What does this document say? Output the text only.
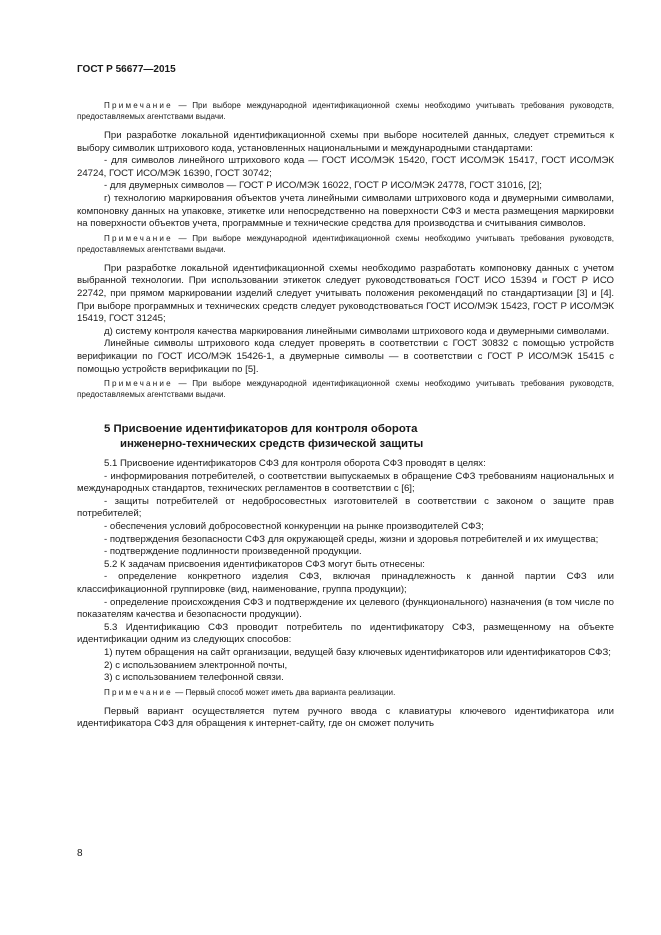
ГОСТ Р 56677—2015

Примечание — При выборе международной идентификационной схемы необходимо учитывать требования руководств, предоставляемых агентствами выдачи.

При разработке локальной идентификационной схемы при выборе носителей данных, следует стремиться к выбору символик штрихового кода, установленных национальными и международными стандартами:

- для символов линейного штрихового кода — ГОСТ ИСО/МЭК 15420, ГОСТ ИСО/МЭК 15417, ГОСТ ИСО/МЭК 24724, ГОСТ ИСО/МЭК 16390, ГОСТ 30742;

- для двумерных символов — ГОСТ Р ИСО/МЭК 16022, ГОСТ Р ИСО/МЭК 24778, ГОСТ 31016, [2];

г) технологию маркирования объектов учета линейными символами штрихового кода и двумерными символами, компоновку данных на упаковке, этикетке или непосредственно на поверхности СФЗ и места размещения маркировки на поверхности объектов учета, программные и технические средства для производства и считывания символов.

Примечание — При выборе международной идентификационной схемы необходимо учитывать требования руководств, предоставляемых агентствами выдачи.

При разработке локальной идентификационной схемы необходимо разработать компоновку данных с учетом выбранной технологии. При использовании этикеток следует руководствоваться ГОСТ ИСО 15394 и ГОСТ Р ИСО 22742, при прямом маркировании изделий следует учитывать положения рекомендаций по стандартизации [3] и [4]. При выборе программных и технических средств следует руководствоваться ГОСТ ИСО/МЭК 15423, ГОСТ Р ИСО/МЭК 15419, ГОСТ 31245;

д) систему контроля качества маркирования линейными символами штрихового кода и двумерными символами.

Линейные символы штрихового кода следует проверять в соответствии с ГОСТ 30832 с помощью устройств верификации по ГОСТ ИСО/МЭК 15426-1, а двумерные символы — в соответствии с ГОСТ Р ИСО/МЭК 15415 с помощью устройств верификации по [5].

Примечание — При выборе международной идентификационной схемы необходимо учитывать требования руководств, предоставляемых агентствами выдачи.

5 Присвоение идентификаторов для контроля оборота
инженерно-технических средств физической защиты

5.1 Присвоение идентификаторов СФЗ для контроля оборота СФЗ проводят в целях:

- информирования потребителей, о соответствии выпускаемых в обращение СФЗ требованиям национальных и международных стандартов, технических регламентов в соответствии с [6];

- защиты потребителей от недобросовестных изготовителей в соответствии с законом о защите прав потребителей;

- обеспечения условий добросовестной конкуренции на рынке производителей СФЗ;

- подтверждения безопасности СФЗ для окружающей среды, жизни и здоровья потребителей и их имущества;

- подтверждение подлинности произведенной продукции.

5.2 К задачам присвоения идентификаторов СФЗ могут быть отнесены:

- определение конкретного изделия СФЗ, включая принадлежность к данной партии СФЗ или классификационной группировке (вид, наименование, группа продукции);

- определение происхождения СФЗ и подтверждение их целевого (функционального) назначения (в том числе по показателям качества и безопасности продукции).

5.3 Идентификацию СФЗ проводит потребитель по идентификатору СФЗ, размещенному на объекте идентификации одним из следующих способов:

1) путем обращения на сайт организации, ведущей базу ключевых идентификаторов или идентификаторов СФЗ;

2) с использованием электронной почты,

3) с использованием телефонной связи.

Примечание — Первый способ может иметь два варианта реализации.

Первый вариант осуществляется путем ручного ввода с клавиатуры ключевого идентификатора или идентификатора СФЗ для обращения к интернет-сайту, где он сможет получить

8
